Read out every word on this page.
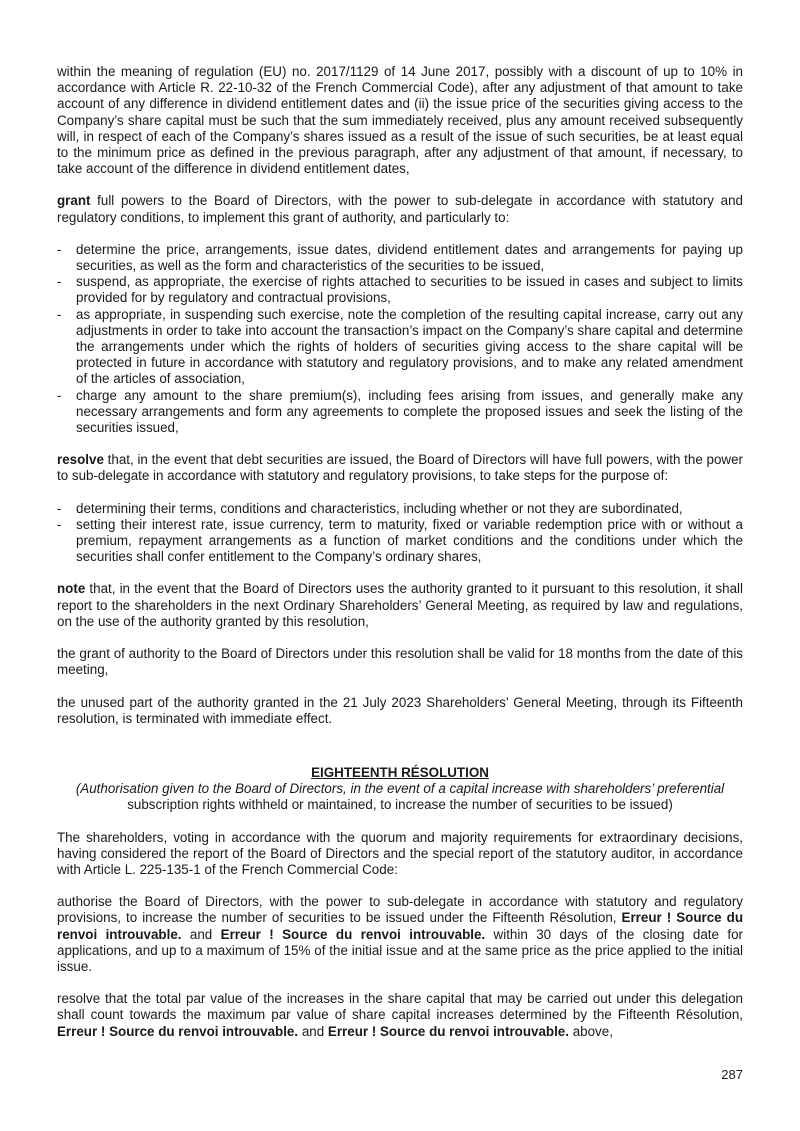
within the meaning of regulation (EU) no. 2017/1129 of 14 June 2017, possibly with a discount of up to 10% in accordance with Article R. 22-10-32 of the French Commercial Code), after any adjustment of that amount to take account of any difference in dividend entitlement dates and (ii) the issue price of the securities giving access to the Company’s share capital must be such that the sum immediately received, plus any amount received subsequently will, in respect of each of the Company’s shares issued as a result of the issue of such securities, be at least equal to the minimum price as defined in the previous paragraph, after any adjustment of that amount, if necessary, to take account of the difference in dividend entitlement dates,

grant full powers to the Board of Directors, with the power to sub-delegate in accordance with statutory and regulatory conditions, to implement this grant of authority, and particularly to:

- determine the price, arrangements, issue dates, dividend entitlement dates and arrangements for paying up securities, as well as the form and characteristics of the securities to be issued,
- suspend, as appropriate, the exercise of rights attached to securities to be issued in cases and subject to limits provided for by regulatory and contractual provisions,
- as appropriate, in suspending such exercise, note the completion of the resulting capital increase, carry out any adjustments in order to take into account the transaction’s impact on the Company’s share capital and determine the arrangements under which the rights of holders of securities giving access to the share capital will be protected in future in accordance with statutory and regulatory provisions, and to make any related amendment of the articles of association,
- charge any amount to the share premium(s), including fees arising from issues, and generally make any necessary arrangements and form any agreements to complete the proposed issues and seek the listing of the securities issued,

resolve that, in the event that debt securities are issued, the Board of Directors will have full powers, with the power to sub-delegate in accordance with statutory and regulatory provisions, to take steps for the purpose of:

- determining their terms, conditions and characteristics, including whether or not they are subordinated,
- setting their interest rate, issue currency, term to maturity, fixed or variable redemption price with or without a premium, repayment arrangements as a function of market conditions and the conditions under which the securities shall confer entitlement to the Company’s ordinary shares,

note that, in the event that the Board of Directors uses the authority granted to it pursuant to this resolution, it shall report to the shareholders in the next Ordinary Shareholders’ General Meeting, as required by law and regulations, on the use of the authority granted by this resolution,

the grant of authority to the Board of Directors under this resolution shall be valid for 18 months from the date of this meeting,

the unused part of the authority granted in the 21 July 2023 Shareholders’ General Meeting, through its Fifteenth resolution, is terminated with immediate effect.

EIGHTEENTH RÉSOLUTION
(Authorisation given to the Board of Directors, in the event of a capital increase with shareholders’ preferential
subscription rights withheld or maintained, to increase the number of securities to be issued)

The shareholders, voting in accordance with the quorum and majority requirements for extraordinary decisions, having considered the report of the Board of Directors and the special report of the statutory auditor, in accordance with Article L. 225-135-1 of the French Commercial Code:

authorise the Board of Directors, with the power to sub-delegate in accordance with statutory and regulatory provisions, to increase the number of securities to be issued under the Fifteenth Résolution, Erreur ! Source du renvoi introuvable. and Erreur ! Source du renvoi introuvable. within 30 days of the closing date for applications, and up to a maximum of 15% of the initial issue and at the same price as the price applied to the initial issue.

resolve that the total par value of the increases in the share capital that may be carried out under this delegation shall count towards the maximum par value of share capital increases determined by the Fifteenth Résolution, Erreur ! Source du renvoi introuvable. and Erreur ! Source du renvoi introuvable. above,

287
